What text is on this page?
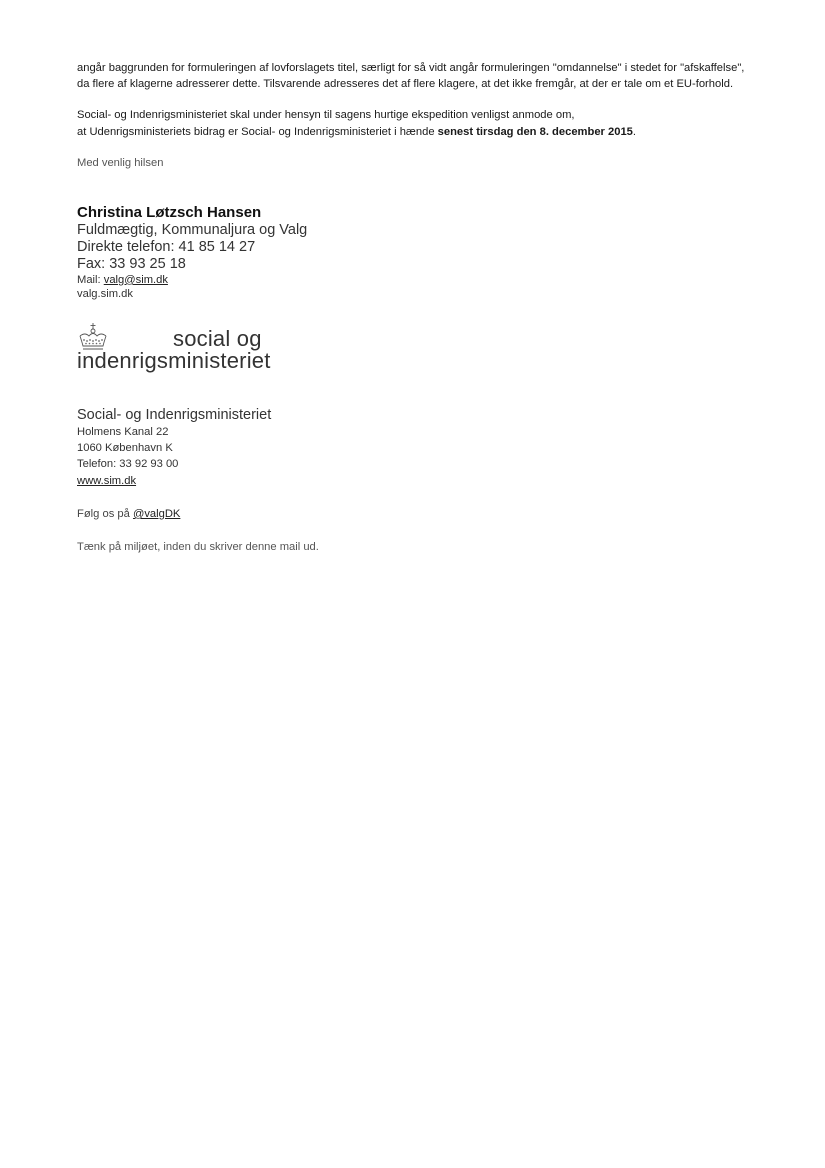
angår baggrunden for formuleringen af lovforslagets titel, særligt for så vidt angår formuleringen "omdannelse" i stedet for "afskaffelse", da flere af klagerne adresserer dette. Tilsvarende adresseres det af flere klagere, at det ikke fremgår, at der er tale om et EU-forhold.

Social- og Indenrigsministeriet skal under hensyn til sagens hurtige ekspedition venligst anmode om,
at Udenrigsministeriets bidrag er Social- og Indenrigsministeriet i hænde senest tirsdag den 8. december 2015.

Med venlig hilsen

Christina Løtzsch Hansen

Fuldmægtig, Kommunaljura og Valg

Direkte telefon: 41 85 14 27

Fax: 33 93 25 18

Mail: valg@sim.dk

valg.sim.dk

social og
indenrigsministeriet

Social- og Indenrigsministeriet

Holmens Kanal 22

1060 København K

Telefon: 33 92 93 00

www.sim.dk

Følg os på @valgDK

Tænk på miljøet, inden du skriver denne mail ud.
